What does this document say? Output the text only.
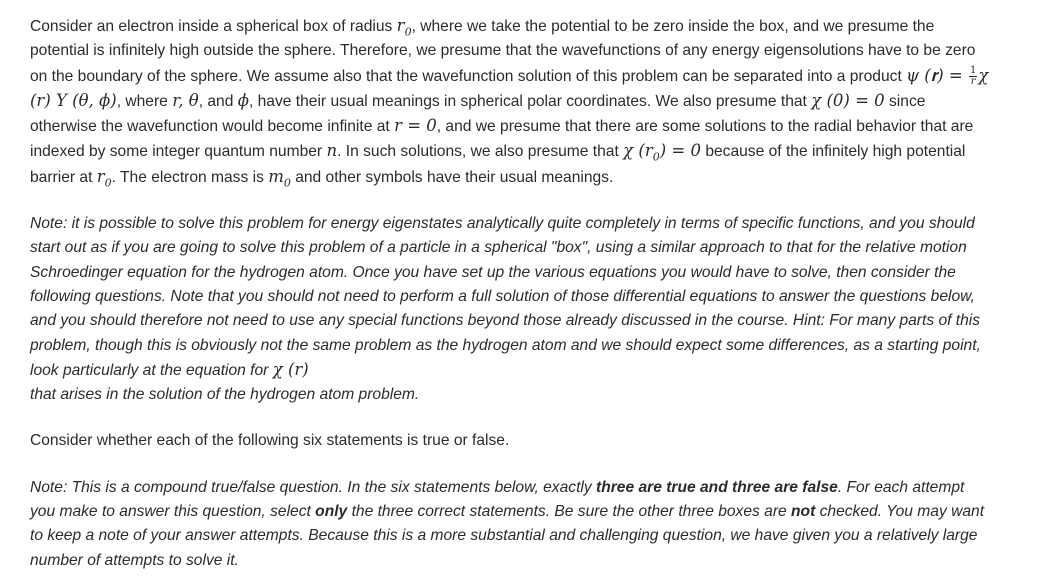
Consider an electron inside a spherical box of radius $r_0$, where we take the potential to be zero inside the box, and we presume the potential is infinitely high outside the sphere. Therefore, we presume that the wavefunctions of any energy eigensolutions have to be zero on the boundary of the sphere. We assume also that the wavefunction solution of this problem can be separated into a product ψ (𝐫) = $\frac{1}{r}$ χ (r) Y (θ, ϕ), where r, θ, and ϕ, have their usual meanings in spherical polar coordinates. We also presume that χ (0) = 0 since otherwise the wavefunction would become infinite at r = 0, and we presume that there are some solutions to the radial behavior that are indexed by some integer quantum number n. In such solutions, we also presume that χ $(r_0) = 0$ because of the infinitely high potential barrier at $r_0$. The electron mass is $m_0$ and other symbols have their usual meanings.

Note: it is possible to solve this problem for energy eigenstates analytically quite completely in terms of specific functions, and you should start out as if you are going to solve this problem of a particle in a spherical "box", using a similar approach to that for the relative motion Schroedinger equation for the hydrogen atom. Once you have set up the various equations you would have to solve, then consider the following questions. Note that you should not need to perform a full solution of those differential equations to answer the questions below, and you should therefore not need to use any special functions beyond those already discussed in the course. Hint: For many parts of this problem, though this is obviously not the same problem as the hydrogen atom and we should expect some differences, as a starting point, look particularly at the equation for χ (r)
that arises in the solution of the hydrogen atom problem.

Consider whether each of the following six statements is true or false.

Note: This is a compound true/false question. In the six statements below, exactly three are true and three are false. For each attempt you make to answer this question, select only the three correct statements. Be sure the other three boxes are not checked. You may want to keep a note of your answer attempts. Because this is a more substantial and challenging question, we have given you a relatively large number of attempts to solve it.
